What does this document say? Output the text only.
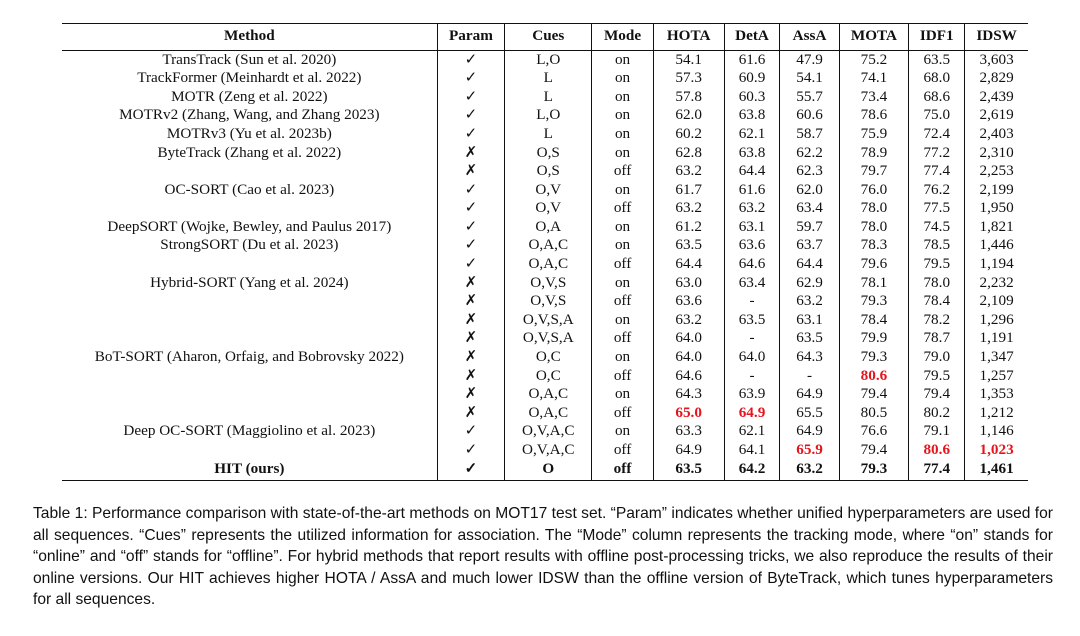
Method	Param	Cues	Mode	HOTA	DetA	AssA	MOTA	IDF1	IDSW
TransTrack (Sun et al. 2020)	✓	L,O	on	54.1	61.6	47.9	75.2	63.5	3,603
TrackFormer (Meinhardt et al. 2022)	✓	L	on	57.3	60.9	54.1	74.1	68.0	2,829
MOTR (Zeng et al. 2022)	✓	L	on	57.8	60.3	55.7	73.4	68.6	2,439
MOTRv2 (Zhang, Wang, and Zhang 2023)	✓	L,O	on	62.0	63.8	60.6	78.6	75.0	2,619
MOTRv3 (Yu et al. 2023b)	✓	L	on	60.2	62.1	58.7	75.9	72.4	2,403
ByteTrack (Zhang et al. 2022)	✗	O,S	on	62.8	63.8	62.2	78.9	77.2	2,310
	✗	O,S	off	63.2	64.4	62.3	79.7	77.4	2,253
OC-SORT (Cao et al. 2023)	✓	O,V	on	61.7	61.6	62.0	76.0	76.2	2,199
	✓	O,V	off	63.2	63.2	63.4	78.0	77.5	1,950
DeepSORT (Wojke, Bewley, and Paulus 2017)	✓	O,A	on	61.2	63.1	59.7	78.0	74.5	1,821
StrongSORT (Du et al. 2023)	✓	O,A,C	on	63.5	63.6	63.7	78.3	78.5	1,446
	✓	O,A,C	off	64.4	64.6	64.4	79.6	79.5	1,194
Hybrid-SORT (Yang et al. 2024)	✗	O,V,S	on	63.0	63.4	62.9	78.1	78.0	2,232
	✗	O,V,S	off	63.6	-	63.2	79.3	78.4	2,109
	✗	O,V,S,A	on	63.2	63.5	63.1	78.4	78.2	1,296
	✗	O,V,S,A	off	64.0	-	63.5	79.9	78.7	1,191
BoT-SORT (Aharon, Orfaig, and Bobrovsky 2022)	✗	O,C	on	64.0	64.0	64.3	79.3	79.0	1,347
	✗	O,C	off	64.6	-	-	80.6	79.5	1,257
	✗	O,A,C	on	64.3	63.9	64.9	79.4	79.4	1,353
	✗	O,A,C	off	65.0	64.9	65.5	80.5	80.2	1,212
Deep OC-SORT (Maggiolino et al. 2023)	✓	O,V,A,C	on	63.3	62.1	64.9	76.6	79.1	1,146
	✓	O,V,A,C	off	64.9	64.1	65.9	79.4	80.6	1,023
HIT (ours)	✓	O	off	63.5	64.2	63.2	79.3	77.4	1,461
Table 1: Performance comparison with state-of-the-art methods on MOT17 test set. “Param” indicates whether unified hyperparameters are used for all sequences. “Cues” represents the utilized information for association. The “Mode” column represents the tracking mode, where “on” stands for “online” and “off” stands for “offline”. For hybrid methods that report results with offline post-processing tricks, we also reproduce the results of their online versions. Our HIT achieves higher HOTA / AssA and much lower IDSW than the offline version of ByteTrack, which tunes hyperparameters for all sequences.
